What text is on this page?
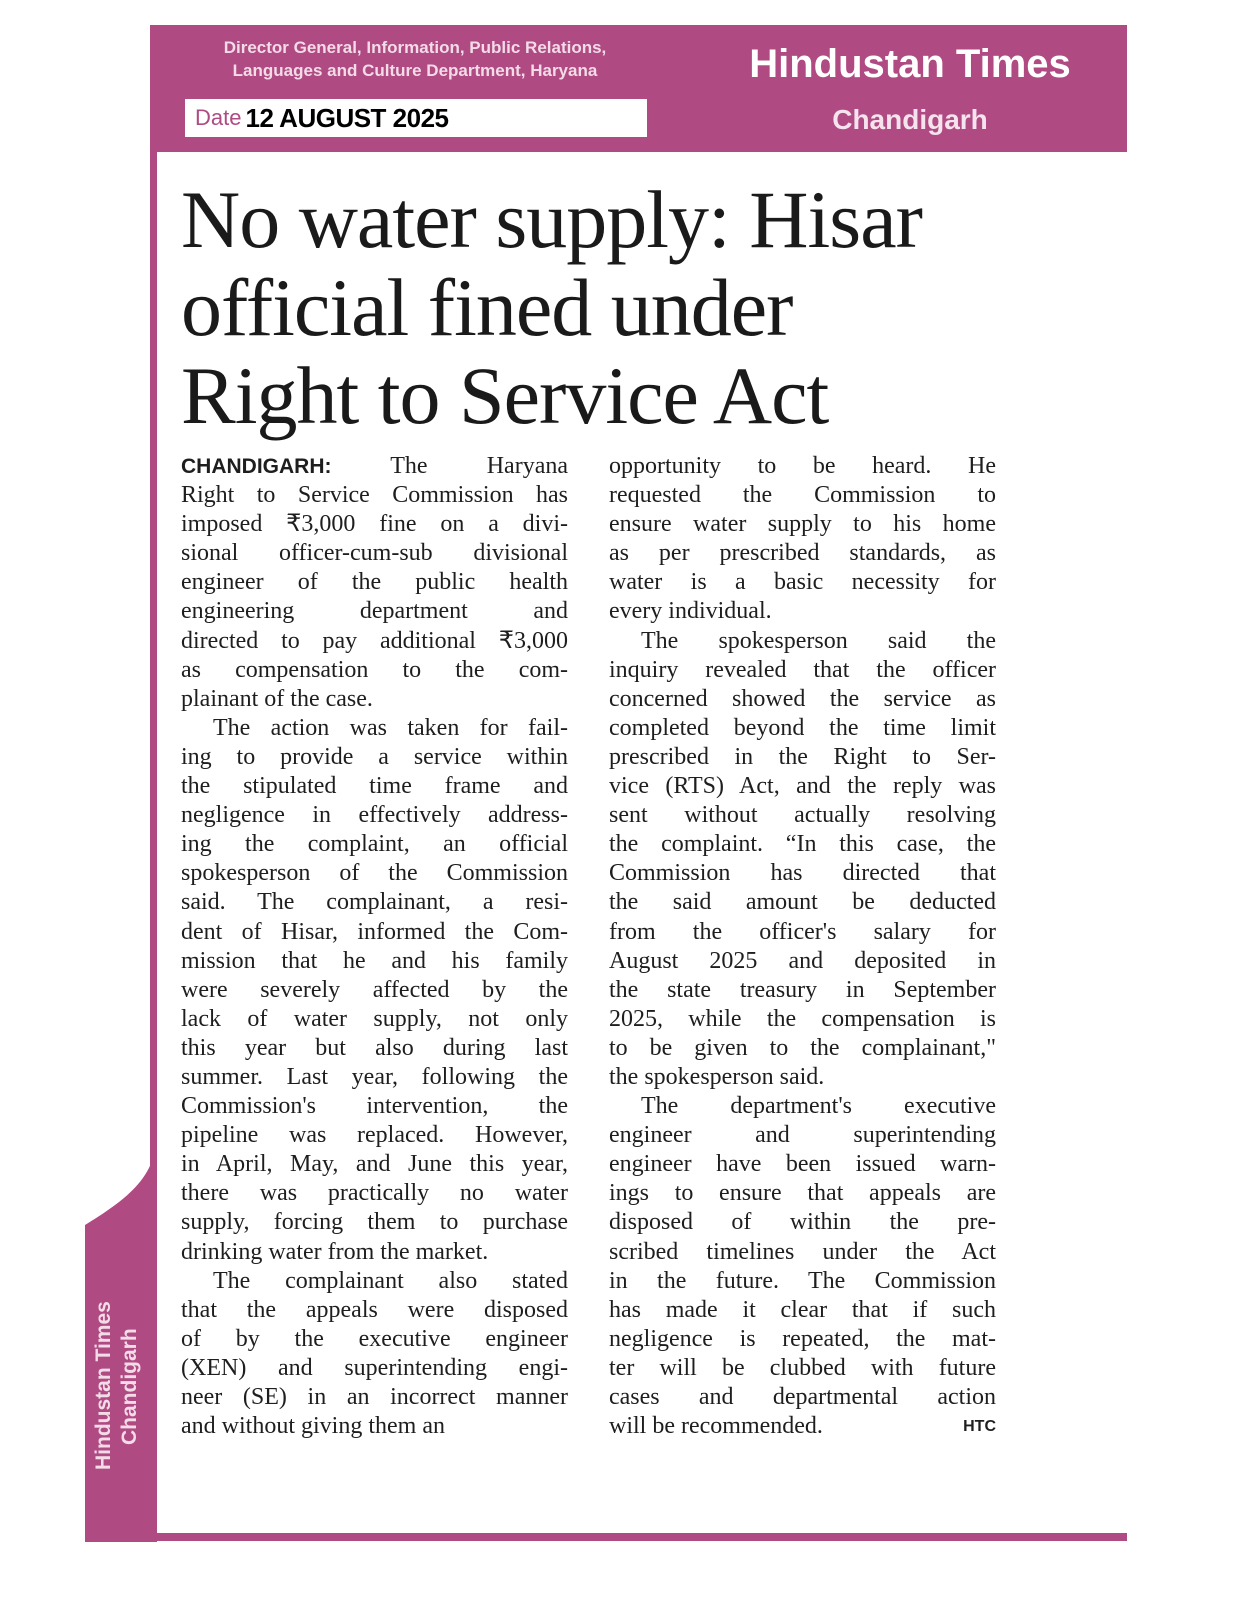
Director General, Information, Public Relations,
Languages and Culture Department, Haryana
Date 12 AUGUST 2025
Hindustan Times
Chandigarh
Hindustan Times Chandigarh
No water supply: Hisar
official fined under
Right to Service Act
CHANDIGARH: The Haryana
Right to Service Commission has
imposed ₹3,000 fine on a divi-
sional officer-cum-sub divisional
engineer of the public health
engineering department and
directed to pay additional ₹3,000
as compensation to the com-
plainant of the case.
The action was taken for fail-
ing to provide a service within
the stipulated time frame and
negligence in effectively address-
ing the complaint, an official
spokesperson of the Commission
said. The complainant, a resi-
dent of Hisar, informed the Com-
mission that he and his family
were severely affected by the
lack of water supply, not only
this year but also during last
summer. Last year, following the
Commission's intervention, the
pipeline was replaced. However,
in April, May, and June this year,
there was practically no water
supply, forcing them to purchase
drinking water from the market.
The complainant also stated
that the appeals were disposed
of by the executive engineer
(XEN) and superintending engi-
neer (SE) in an incorrect manner
and without giving them an
opportunity to be heard. He
requested the Commission to
ensure water supply to his home
as per prescribed standards, as
water is a basic necessity for
every individual.
The spokesperson said the
inquiry revealed that the officer
concerned showed the service as
completed beyond the time limit
prescribed in the Right to Ser-
vice (RTS) Act, and the reply was
sent without actually resolving
the complaint. “In this case, the
Commission has directed that
the said amount be deducted
from the officer's salary for
August 2025 and deposited in
the state treasury in September
2025, while the compensation is
to be given to the complainant,"
the spokesperson said.
The department's executive
engineer and superintending
engineer have been issued warn-
ings to ensure that appeals are
disposed of within the pre-
scribed timelines under the Act
in the future. The Commission
has made it clear that if such
negligence is repeated, the mat-
ter will be clubbed with future
cases and departmental action
will be recommended.	HTC
